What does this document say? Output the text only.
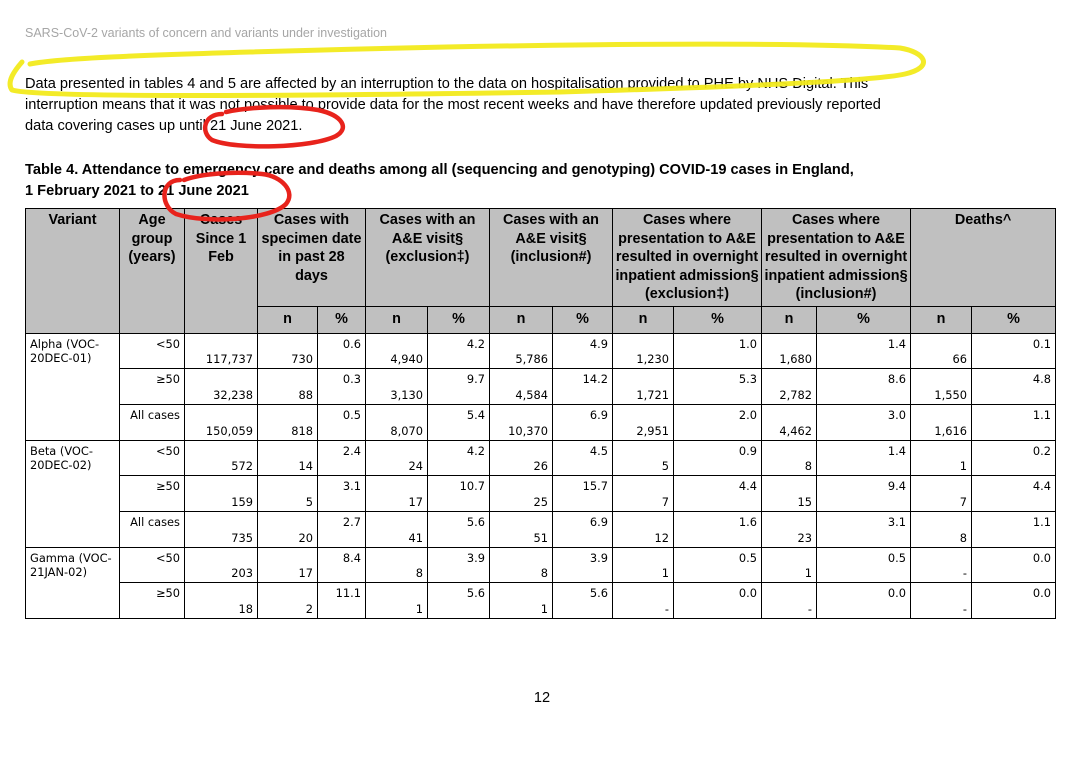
SARS-CoV-2 variants of concern and variants under investigation

Data presented in tables 4 and 5 are affected by an interruption to the data on hospitalisation provided to PHE by NHS Digital. This

interruption means that it was not possible to provide data for the most recent weeks and have therefore updated previously reported

data covering cases up until 21 June 2021.

Table 4. Attendance to emergency care and deaths among all (sequencing and genotyping) COVID-19 cases in England,

1 February 2021 to 21 June 2021

Variant	Age group (years)	Cases Since 1 Feb	Cases with specimen date in past 28 days		Cases with an A&E visit§ (exclusion‡)		Cases with an A&E visit§ (inclusion#)		Cases where presentation to A&E resulted in overnight inpatient admission§ (exclusion‡)		Cases where presentation to A&E resulted in overnight inpatient admission§ (inclusion#)		Deaths^	
			n	%	n	%	n	%	n	%	n	%	n	%
Alpha (VOC-20DEC-01)	<50	117,737	730	0.6	4,940	4.2	5,786	4.9	1,230	1.0	1,680	1.4	66	0.1
	≥50	32,238	88	0.3	3,130	9.7	4,584	14.2	1,721	5.3	2,782	8.6	1,550	4.8
	All cases	150,059	818	0.5	8,070	5.4	10,370	6.9	2,951	2.0	4,462	3.0	1,616	1.1
Beta (VOC-20DEC-02)	<50	572	14	2.4	24	4.2	26	4.5	5	0.9	8	1.4	1	0.2
	≥50	159	5	3.1	17	10.7	25	15.7	7	4.4	15	9.4	7	4.4
	All cases	735	20	2.7	41	5.6	51	6.9	12	1.6	23	3.1	8	1.1
Gamma (VOC-21JAN-02)	<50	203	17	8.4	8	3.9	8	3.9	1	0.5	1	0.5	-	0.0
	≥50	18	2	11.1	1	5.6	1	5.6	-	0.0	-	0.0	-	0.0
12
